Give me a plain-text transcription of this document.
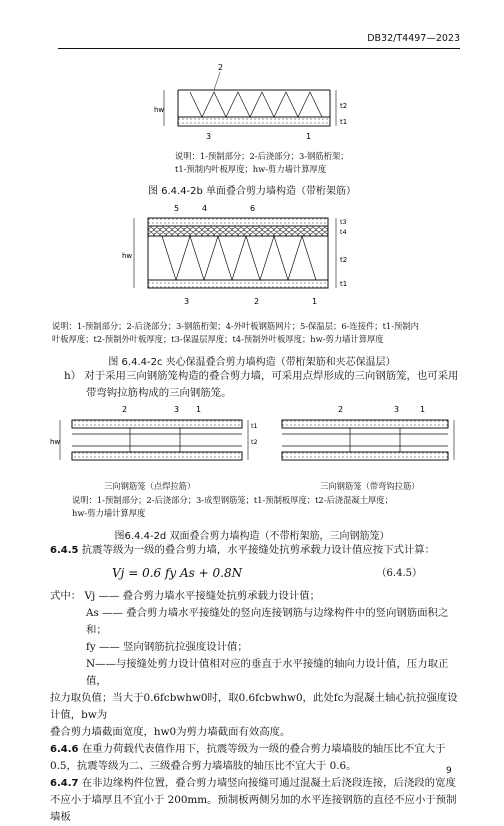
DB32/T4497—2023
hw	t2
t1
2
3	1
说明：1-预制部分；2-后浇部分；3-钢筋桁架；
t1-预制内叶板厚度；hw-剪力墙计算厚度
图 6.4.4-2b 单面叠合剪力墙构造（带桁架筋）
hw
t3
t4
t2
t1
5	4	6
3	2	1
说明：1-预制部分；2-后浇部分；3-钢筋桁架；4-外叶板钢筋网片；5-保温层；6-连接件；t1-预制内
叶板厚度；t2-预制外叶板厚度；t3-保温层厚度；t4-预制外叶板厚度；hw-剪力墙计算厚度
图 6.4.4-2c 夹心保温叠合剪力墙构造（带桁架筋和夹芯保温层）
h） 对于采用三向钢筋笼构造的叠合剪力墙，可采用点焊形成的三向钢筋笼，也可采用
带弯钩拉筋构成的三向钢筋笼。
hw
t1
t2
2	3 1	2	3	1
三向钢筋笼（点焊拉筋）	三向钢筋笼（带弯钩拉筋）
说明：1-预制部分；2-后浇部分；3-成型钢筋笼；t1-预制板厚度；t2-后浇混凝土厚度；
hw-剪力墙计算厚度
图6.4.4-2d 双面叠合剪力墙构造（不带桁架筋，三向钢筋笼）
6.4.5 抗震等级为一级的叠合剪力墙，水平接缝处抗剪承载力设计值应按下式计算：
Vj = 0.6 fy As + 0.8N	（6.4.5）
式中： Vj —— 叠合剪力墙水平接缝处抗剪承载力设计值；
As —— 叠合剪力墙水平接缝处的竖向连接钢筋与边缘构件中的竖向钢筋面积之和；
fy —— 竖向钢筋抗拉强度设计值；
N——与接缝处剪力设计值相对应的垂直于水平接缝的轴向力设计值，压力取正值，
拉力取负值；当大于0.6fcbwhw0时，取0.6fcbwhw0，此处fc为混凝土轴心抗拉强度设计值，bw为
叠合剪力墙截面宽度，hw0为剪力墙截面有效高度。
6.4.6 在重力荷载代表值作用下，抗震等级为一级的叠合剪力墙墙肢的轴压比不宜大于
0.5，抗震等级为二、三级叠合剪力墙墙肢的轴压比不宜大于 0.6。
6.4.7 在非边缘构件位置，叠合剪力墙竖向接缝可通过混凝土后浇段连接，后浇段的宽度
不应小于墙厚且不宜小于 200mm。预制板两侧另加的水平连接钢筋的直径不应小于预制墙板
9
